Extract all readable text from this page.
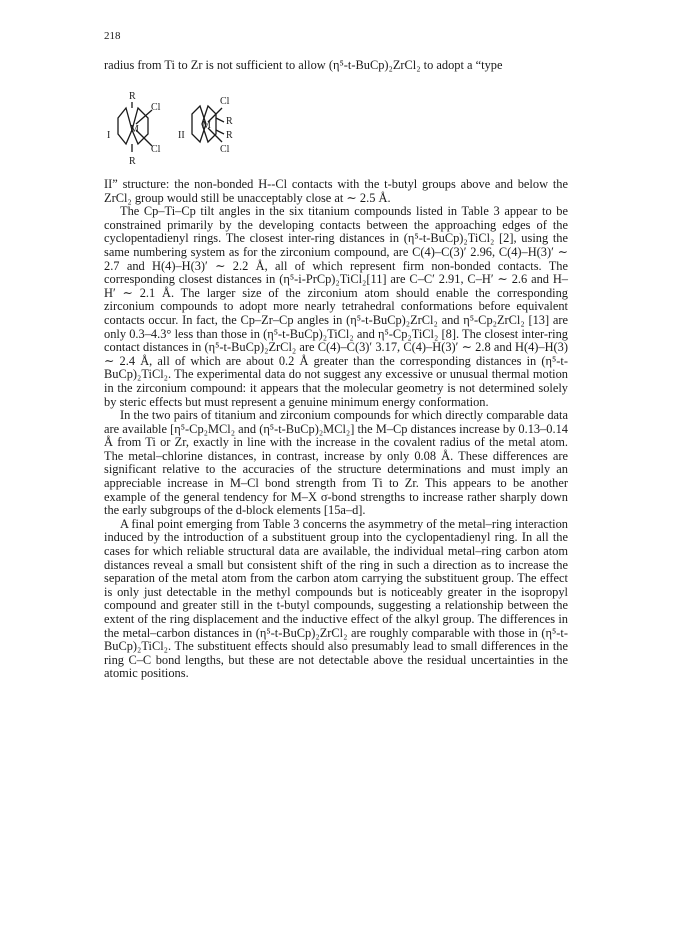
218

radius from Ti to Zr is not sufficient to allow (η⁵-t-BuCp)₂ZrCl₂ to adopt a “type

I
R
R
M
Cl
Cl
II
M
Cl
Cl
R
R

II” structure: the non-bonded H--Cl contacts with the t-butyl groups above and below the ZrCl₂ group would still be unacceptably close at ∼ 2.5 Å.

The Cp–Ti–Cp tilt angles in the six titanium compounds listed in Table 3 appear to be constrained primarily by the developing contacts between the approaching edges of the cyclopentadienyl rings. The closest inter-ring distances in (η⁵-t-BuCp)₂TiCl₂ [2], using the same numbering system as for the zirconium compound, are C(4)–C(3)′ 2.96, C(4)–H(3)′ ∼ 2.7 and H(4)–H(3)′ ∼ 2.2 Å, all of which represent firm non-bonded contacts. The corresponding closest distances in (η⁵-i-PrCp)₂TiCl₂[11] are C–C′ 2.91, C–H′ ∼ 2.6 and H–H′ ∼ 2.1 Å. The larger size of the zirconium atom should enable the corresponding zirconium compounds to adopt more nearly tetrahedral conformations before equivalent contacts occur. In fact, the Cp–Zr–Cp angles in (η⁵-t-BuCp)₂ZrCl₂ and η⁵-Cp₂ZrCl₂ [13] are only 0.3–4.3° less than those in (η⁵-t-BuCp)₂TiCl₂ and η⁵-Cp₂TiCl₂ [8]. The closest inter-ring contact distances in (η⁵-t-BuCp)₂ZrCl₂ are C(4)–C(3)′ 3.17, C(4)–H(3)′ ∼ 2.8 and H(4)–H(3) ∼ 2.4 Å, all of which are about 0.2 Å greater than the corresponding distances in (η⁵-t-BuCp)₂TiCl₂. The experimental data do not suggest any excessive or unusual thermal motion in the zirconium compound: it appears that the molecular geometry is not determined solely by steric effects but must represent a genuine minimum energy conformation.

In the two pairs of titanium and zirconium compounds for which directly comparable data are available [η⁵-Cp₂MCl₂ and (η⁵-t-BuCp)₂MCl₂] the M–Cp distances increase by 0.13–0.14 Å from Ti or Zr, exactly in line with the increase in the covalent radius of the metal atom. The metal–chlorine distances, in contrast, increase by only 0.08 Å. These differences are significant relative to the accuracies of the structure determinations and must imply an appreciable increase in M–Cl bond strength from Ti to Zr. This appears to be another example of the general tendency for M–X σ-bond strengths to increase rather sharply down the early subgroups of the d-block elements [15a–d].

A final point emerging from Table 3 concerns the asymmetry of the metal–ring interaction induced by the introduction of a substituent group into the cyclopentadienyl ring. In all the cases for which reliable structural data are available, the individual metal–ring carbon atom distances reveal a small but consistent shift of the ring in such a direction as to increase the separation of the metal atom from the carbon atom carrying the substituent group. The effect is only just detectable in the methyl compounds but is noticeably greater in the isopropyl compound and greater still in the t-butyl compounds, suggesting a relationship between the extent of the ring displacement and the inductive effect of the alkyl group. The differences in the metal–carbon distances in (η⁵-t-BuCp)₂ZrCl₂ are roughly comparable with those in (η⁵-t-BuCp)₂TiCl₂. The substituent effects should also presumably lead to small differences in the ring C–C bond lengths, but these are not detectable above the residual uncertainties in the atomic positions.
